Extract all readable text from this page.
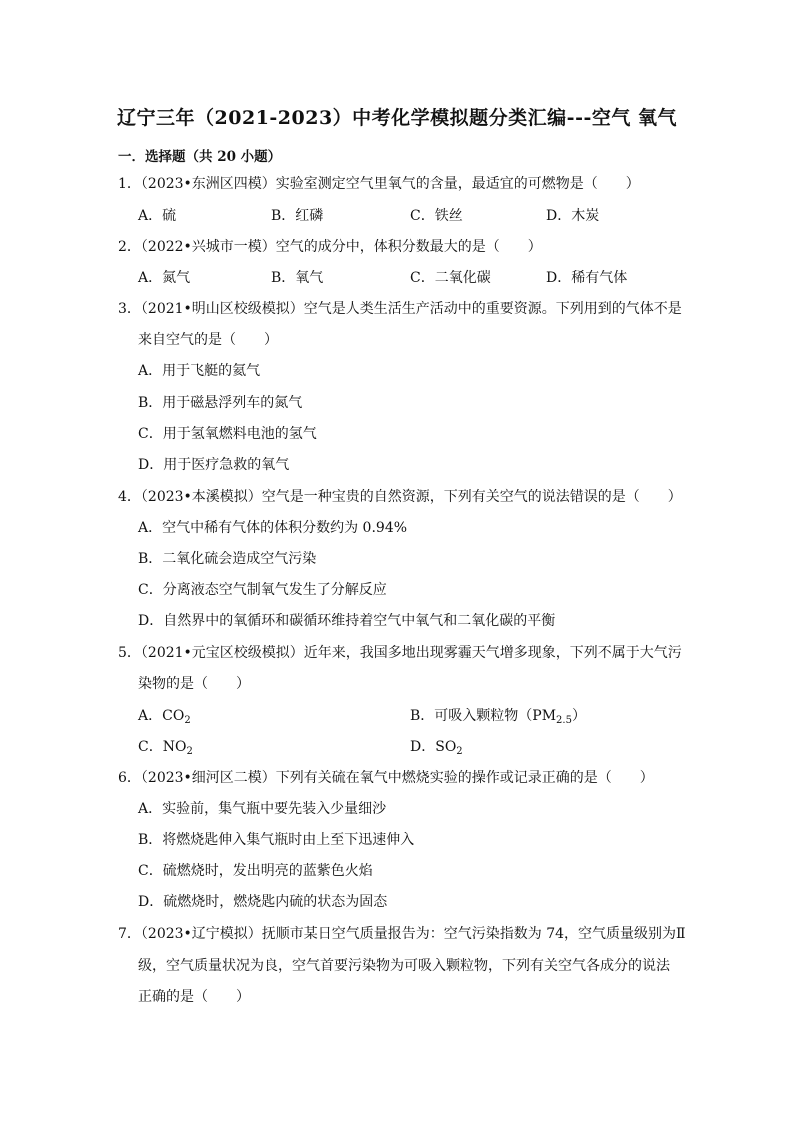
辽宁三年（2021-2023）中考化学模拟题分类汇编---空气 氧气
一．选择题（共 20 小题）
1．（2023•东洲区四模）实验室测定空气里氧气的含量，最适宜的可燃物是（　　）
A．硫	B．红磷	C．铁丝	D．木炭
2．（2022•兴城市一模）空气的成分中，体积分数最大的是（　　）
A．氮气	B．氧气	C．二氧化碳	D．稀有气体
3．（2021•明山区校级模拟）空气是人类生活生产活动中的重要资源。下列用到的气体不是
来自空气的是（　　）
A．用于飞艇的氦气
B．用于磁悬浮列车的氮气
C．用于氢氧燃料电池的氢气
D．用于医疗急救的氧气
4．（2023•本溪模拟）空气是一种宝贵的自然资源，下列有关空气的说法错误的是（　　）
A．空气中稀有气体的体积分数约为 0.94%
B．二氧化硫会造成空气污染
C．分离液态空气制氧气发生了分解反应
D．自然界中的氧循环和碳循环维持着空气中氧气和二氧化碳的平衡
5．（2021•元宝区校级模拟）近年来，我国多地出现雾霾天气增多现象，下列不属于大气污
染物的是（　　）
A．$CO_2$	B．可吸入颗粒物$(PM_{2.5})$
C．$NO_2$	D．$SO_2$
6．（2023•细河区二模）下列有关硫在氧气中燃烧实验的操作或记录正确的是（　　）
A．实验前，集气瓶中要先装入少量细沙
B．将燃烧匙伸入集气瓶时由上至下迅速伸入
C．硫燃烧时，发出明亮的蓝紫色火焰
D．硫燃烧时，燃烧匙内硫的状态为固态
7．（2023•辽宁模拟）抚顺市某日空气质量报告为：空气污染指数为 74，空气质量级别为Ⅱ
级，空气质量状况为良，空气首要污染物为可吸入颗粒物，下列有关空气各成分的说法
正确的是（　　）
